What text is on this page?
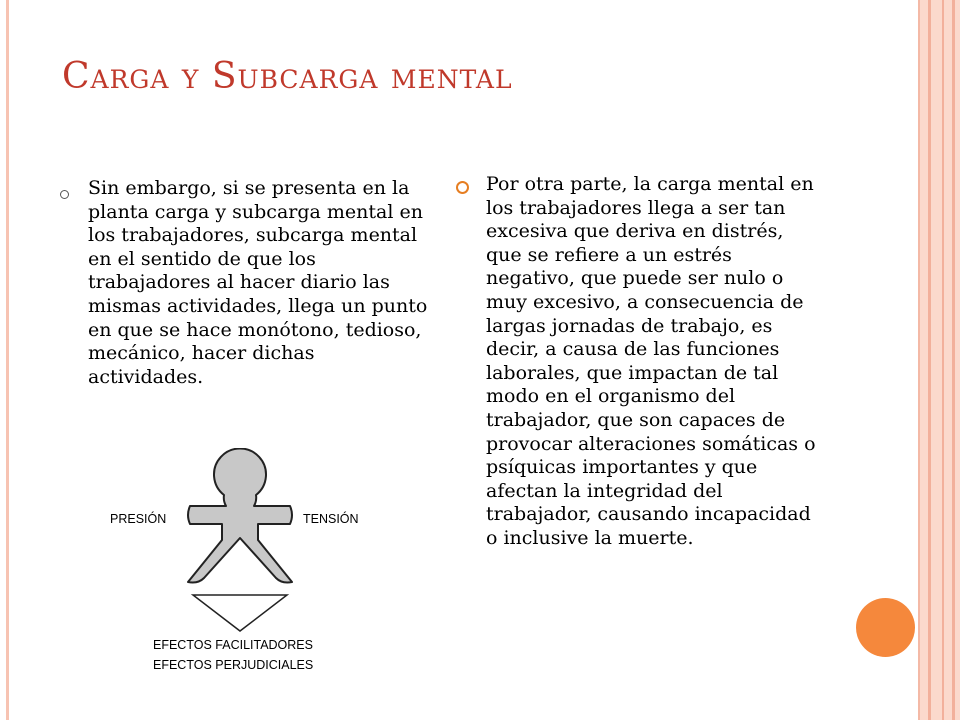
Carga y Subcarga mental
Sin embargo, si se presenta en la planta carga y subcarga mental en los trabajadores, subcarga mental en el sentido de que los trabajadores al hacer diario las mismas actividades, llega un punto en que se hace monótono, tedioso, mecánico, hacer dichas actividades.
Por otra parte, la carga mental en los trabajadores llega a ser tan excesiva que deriva en distrés, que se refiere a un estrés negativo, que puede ser nulo o muy excesivo, a consecuencia de largas jornadas de trabajo, es decir, a causa de las funciones laborales, que impactan de tal modo en el organismo del trabajador, que son capaces de provocar alteraciones somáticas o psíquicas importantes y que afectan la integridad del trabajador, causando incapacidad o inclusive la muerte.
PRESIÓN	TENSIÓN
EFECTOS FACILITADORES
EFECTOS PERJUDICIALES
